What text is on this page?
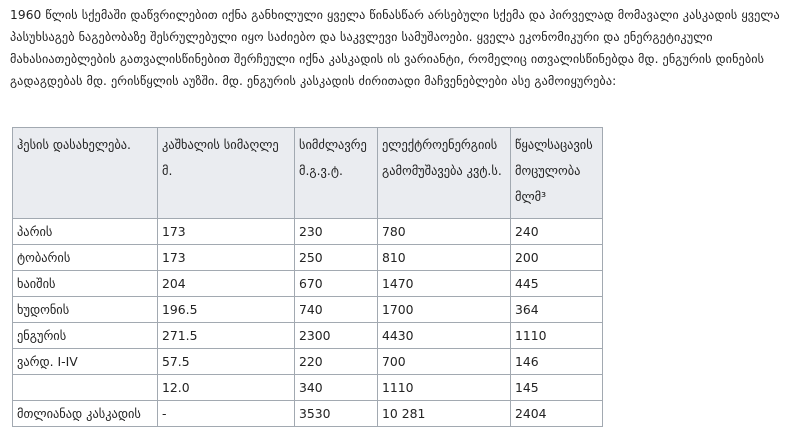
1960 წლის სქემაში დაწვრილებით იქნა განხილული ყველა წინასწარ არსებული სქემა და პირველად მომავალი კასკადის ყველა პასუხსაგებ ნაგებობაზე შესრულებული იყო საძიებო და საკვლევი სამუშაოები. ყველა ეკონომიკური და ენერგეტიკული მახასიათებლების გათვალისწინებით შერჩეული იქნა კასკადის ის ვარიანტი, რომელიც ითვალისწინებდა მდ. ენგურის დინების გადაგდებას მდ. ერისწყლის აუზში. მდ. ენგურის კასკადის ძირითადი მაჩვენებლები ასე გამოიყურება:

ჰესის დასახელება.	კაშხალის სიმაღლე მ.	სიმძლავრე მ.გ.ვ.ტ.	ელექტროენერგიის გამომუშავება კვტ.ს.	წყალსაცავის მოცულობა მლმ³
პარის	173	230	780	240
ტობარის	173	250	810	200
ხაიშის	204	670	1470	445
ხუდონის	196.5	740	1700	364
ენგურის	271.5	2300	4430	1110
ვარდ. I-IV	57.5	220	700	146
	12.0	340	1110	145
მთლიანად კასკადის	-	3530	10 281	2404
